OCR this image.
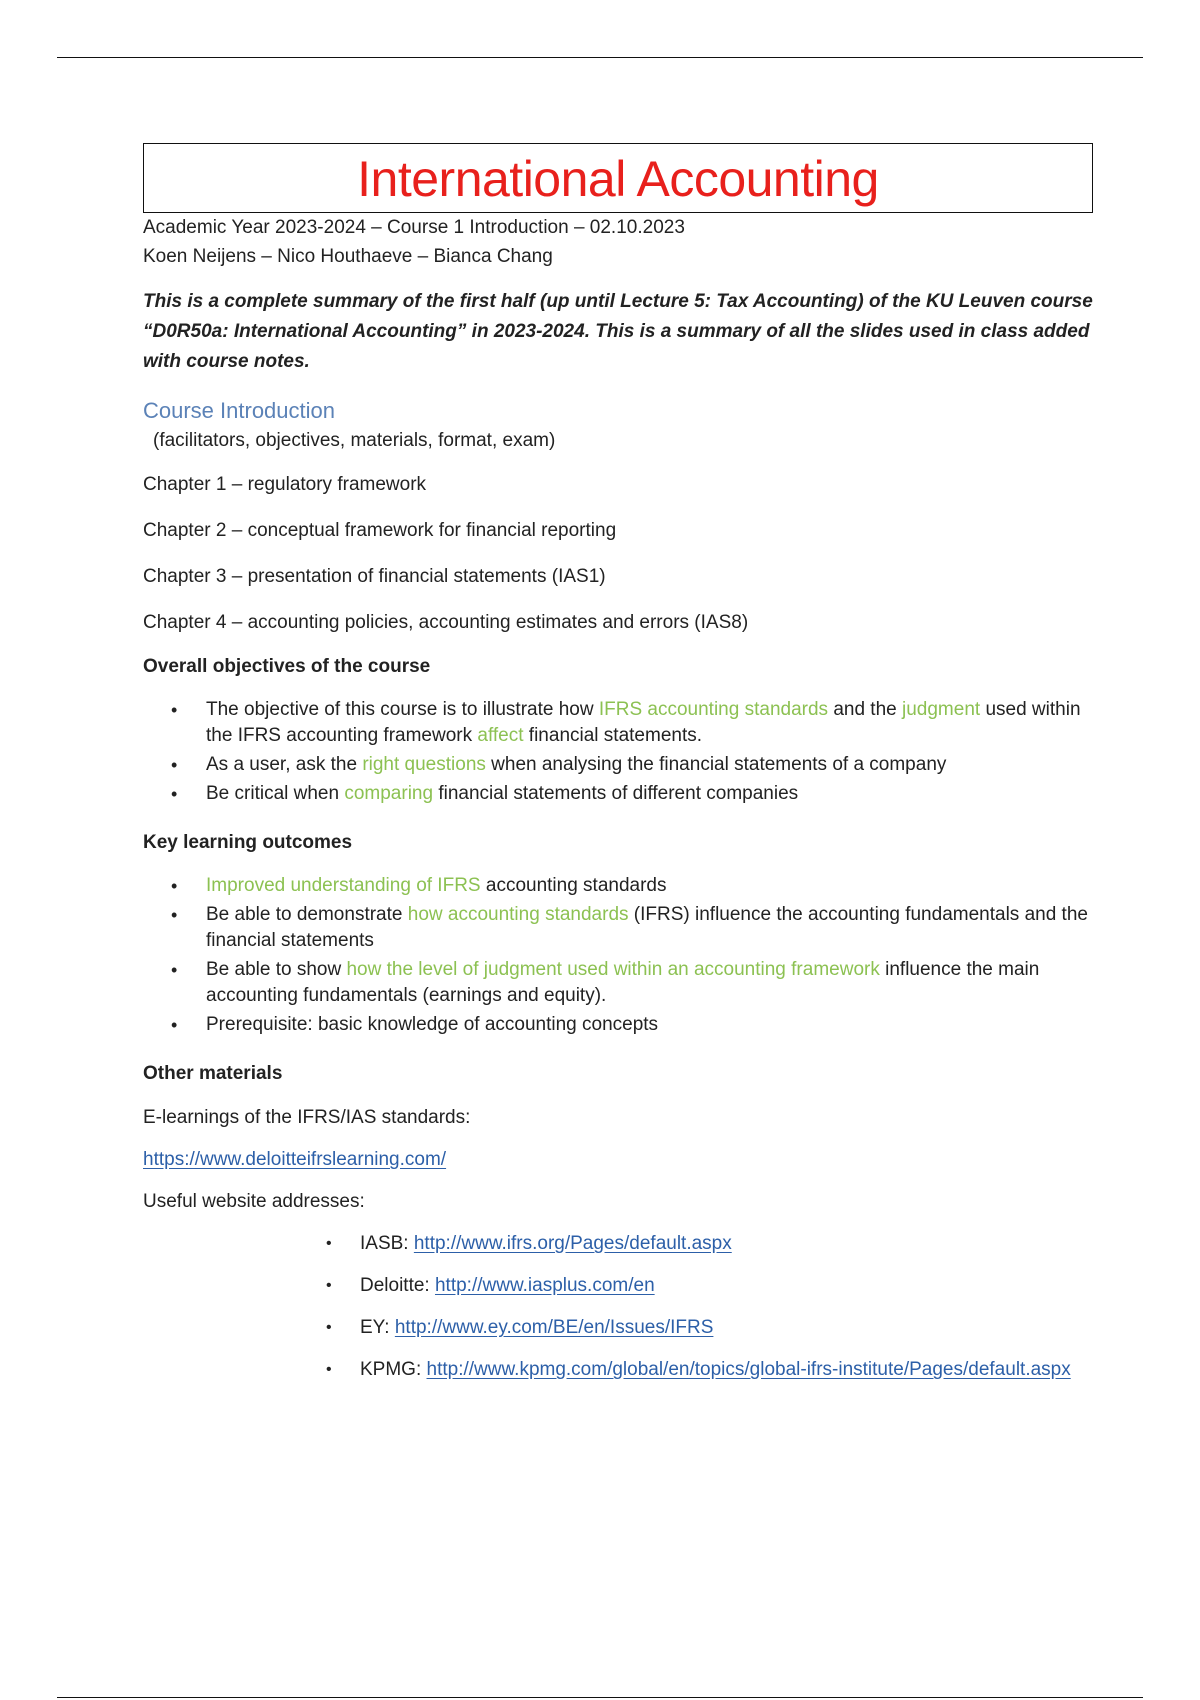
International Accounting
Academic Year 2023-2024 – Course 1 Introduction – 02.10.2023
Koen Neijens – Nico Houthaeve – Bianca Chang
This is a complete summary of the first half (up until Lecture 5: Tax Accounting) of the KU Leuven course “D0R50a: International Accounting” in 2023-2024. This is a summary of all the slides used in class added with course notes.
Course Introduction
(facilitators, objectives, materials, format, exam)
Chapter 1 – regulatory framework
Chapter 2 – conceptual framework for financial reporting
Chapter 3 – presentation of financial statements (IAS1)
Chapter 4 – accounting policies, accounting estimates and errors (IAS8)
Overall objectives of the course
• The objective of this course is to illustrate how IFRS accounting standards and the judgment used within the IFRS accounting framework affect financial statements.
• As a user, ask the right questions when analysing the financial statements of a company
• Be critical when comparing financial statements of different companies
Key learning outcomes
• Improved understanding of IFRS accounting standards
• Be able to demonstrate how accounting standards (IFRS) influence the accounting fundamentals and the financial statements
• Be able to show how the level of judgment used within an accounting framework influence the main accounting fundamentals (earnings and equity).
• Prerequisite: basic knowledge of accounting concepts
Other materials
E-learnings of the IFRS/IAS standards:
https://www.deloitteifrslearning.com/
Useful website addresses:
• IASB: http://www.ifrs.org/Pages/default.aspx
• Deloitte: http://www.iasplus.com/en
• EY: http://www.ey.com/BE/en/Issues/IFRS
• KPMG: http://www.kpmg.com/global/en/topics/global-ifrs-institute/Pages/default.aspx
